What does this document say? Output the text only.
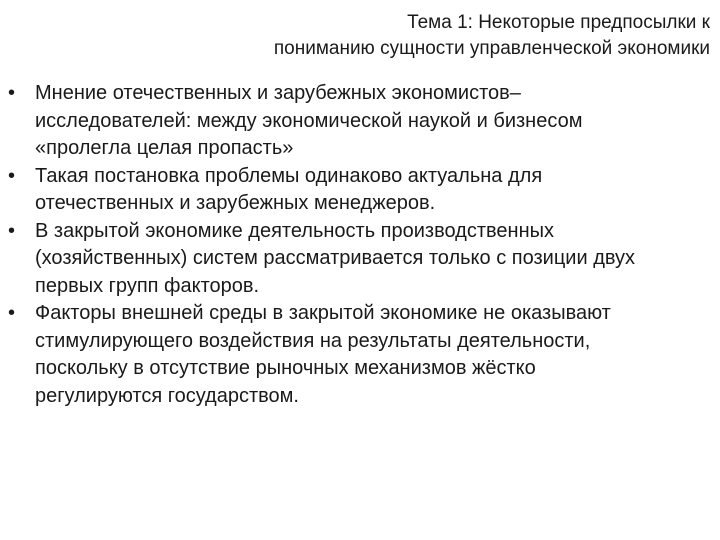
Тема 1: Некоторые предпосылки к
пониманию сущности управленческой экономики
• Мнение отечественных и зарубежных экономистов–
исследователей: между экономической наукой и бизнесом
«пролегла целая пропасть»
• Такая постановка проблемы одинаково актуальна для
отечественных и зарубежных менеджеров.
• В закрытой экономике деятельность производственных
(хозяйственных) систем рассматривается только с позиции двух
первых групп факторов.
• Факторы внешней среды в закрытой экономике не оказывают
стимулирующего воздействия на результаты деятельности,
поскольку в отсутствие рыночных механизмов жёстко
регулируются государством.
